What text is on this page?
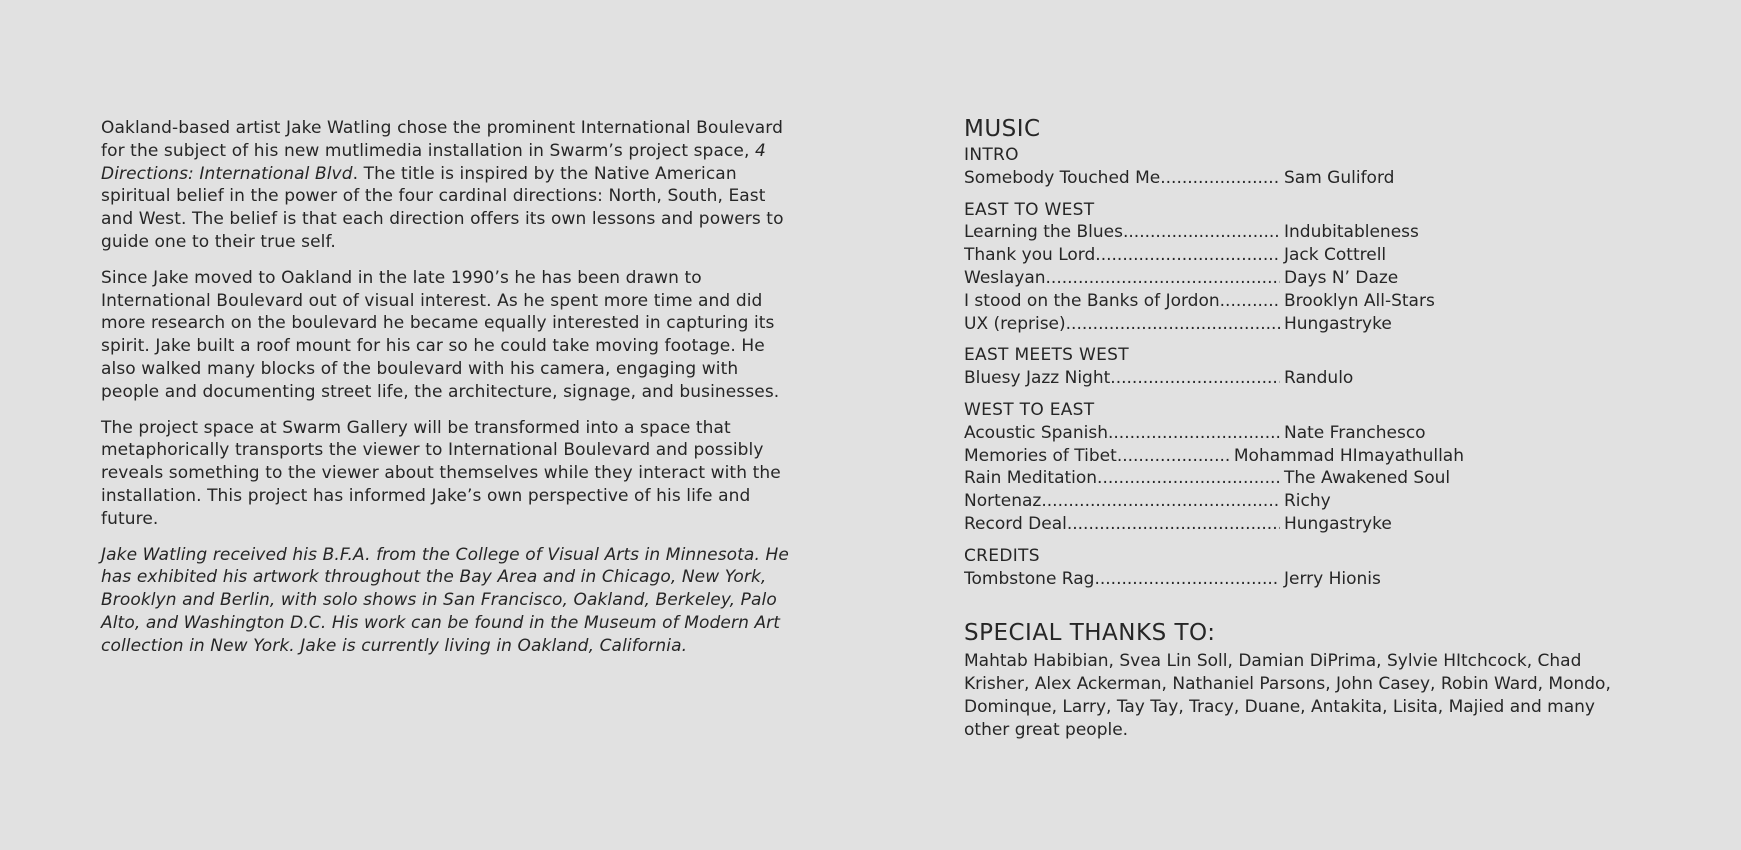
Oakland-based artist Jake Watling chose the prominent International Boulevard for the subject of his new mutlimedia installation in Swarm’s project space, 4 Directions: International Blvd. The title is inspired by the Native American spiritual belief in the power of the four cardinal directions: North, South, East and West. The belief is that each direction offers its own lessons and powers to guide one to their true self.

Since Jake moved to Oakland in the late 1990’s he has been drawn to International Boulevard out of visual interest. As he spent more time and did more research on the boulevard he became equally interested in capturing its spirit. Jake built a roof mount for his car so he could take moving footage. He also walked many blocks of the boulevard with his camera, engaging with people and documenting street life, the architecture, signage, and businesses.

The project space at Swarm Gallery will be transformed into a space that metaphorically transports the viewer to International Boulevard and possibly reveals something to the viewer about themselves while they interact with the installation. This project has informed Jake’s own perspective of his life and future.

Jake Watling received his B.F.A. from the College of Visual Arts in Minnesota. He has exhibited his artwork throughout the Bay Area and in Chicago, New York, Brooklyn and Berlin, with solo shows in San Francisco, Oakland, Berkeley, Palo Alto, and Washington D.C. His work can be found in the Museum of Modern Art collection in New York. Jake is currently living in Oakland, California.

MUSIC
INTRO
Somebody Touched Me .....	Sam Guliford
EAST TO WEST
Learning the Blues .....	Indubitableness
Thank you Lord .....	Jack Cottrell
Weslayan .....	Days N’ Daze
I stood on the Banks of Jordon .....	Brooklyn All-Stars
UX (reprise) .....	Hungastryke
EAST MEETS WEST
Bluesy Jazz Night .....	Randulo
WEST TO EAST
Acoustic Spanish .....	Nate Franchesco
Memories of Tibet .....	Mohammad HImayathullah
Rain Meditation .....	The Awakened Soul
Nortenaz .....	Richy
Record Deal .....	Hungastryke
CREDITS
Tombstone Rag .....	Jerry Hionis
SPECIAL THANKS TO:

Mahtab Habibian, Svea Lin Soll, Damian DiPrima, Sylvie HItchcock, Chad Krisher, Alex Ackerman, Nathaniel Parsons, John Casey, Robin Ward, Mondo, Dominque, Larry, Tay Tay, Tracy, Duane, Antakita, Lisita, Majied and many other great people.
